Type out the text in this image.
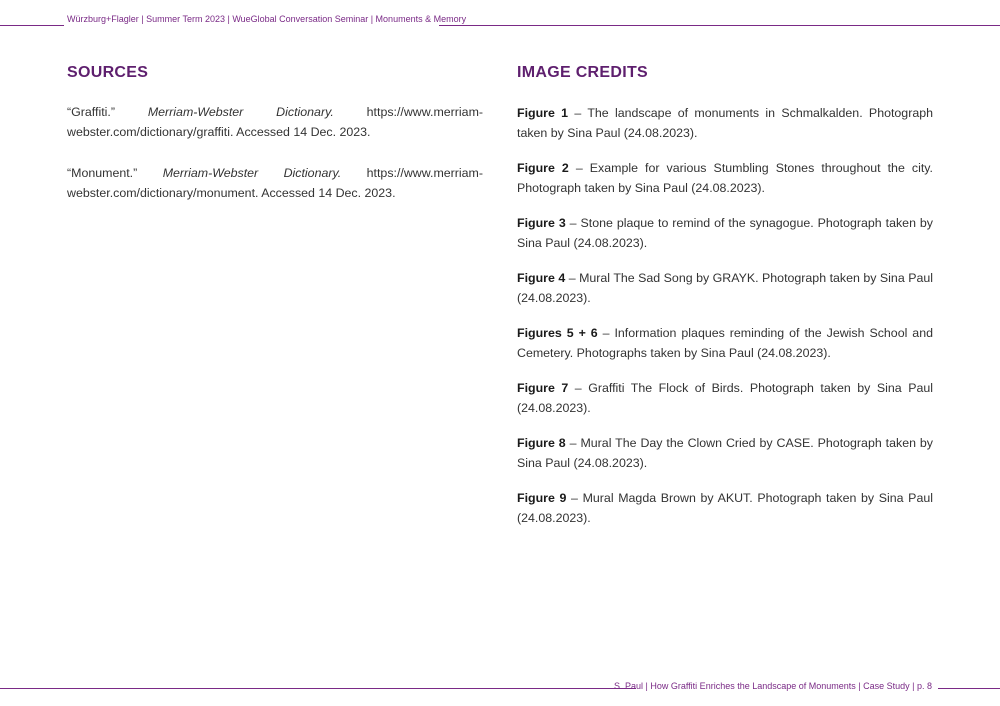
Würzburg+Flagler | Summer Term 2023 | WueGlobal Conversation Seminar | Monuments & Memory
SOURCES

“Graffiti.” Merriam-Webster Dictionary. https://www.merriam-webster.com/dictionary/graffiti. Accessed 14 Dec. 2023.

“Monument.” Merriam-Webster Dictionary. https://www.merriam-webster.com/dictionary/monument. Accessed 14 Dec. 2023.

IMAGE CREDITS

Figure 1 – The landscape of monuments in Schmalkalden. Photograph taken by Sina Paul (24.08.2023).

Figure 2 – Example for various Stumbling Stones throughout the city. Photograph taken by Sina Paul (24.08.2023).

Figure 3 – Stone plaque to remind of the synagogue. Photograph taken by Sina Paul (24.08.2023).

Figure 4 – Mural The Sad Song by GRAYK. Photograph taken by Sina Paul (24.08.2023).

Figures 5 + 6 – Information plaques reminding of the Jewish School and Cemetery. Photographs taken by Sina Paul (24.08.2023).

Figure 7 – Graffiti The Flock of Birds. Photograph taken by Sina Paul (24.08.2023).

Figure 8 – Mural The Day the Clown Cried by CASE. Photograph taken by Sina Paul (24.08.2023).

Figure 9 – Mural Magda Brown by AKUT. Photograph taken by Sina Paul (24.08.2023).

S. Paul | How Graffiti Enriches the Landscape of Monuments | Case Study | p. 8
